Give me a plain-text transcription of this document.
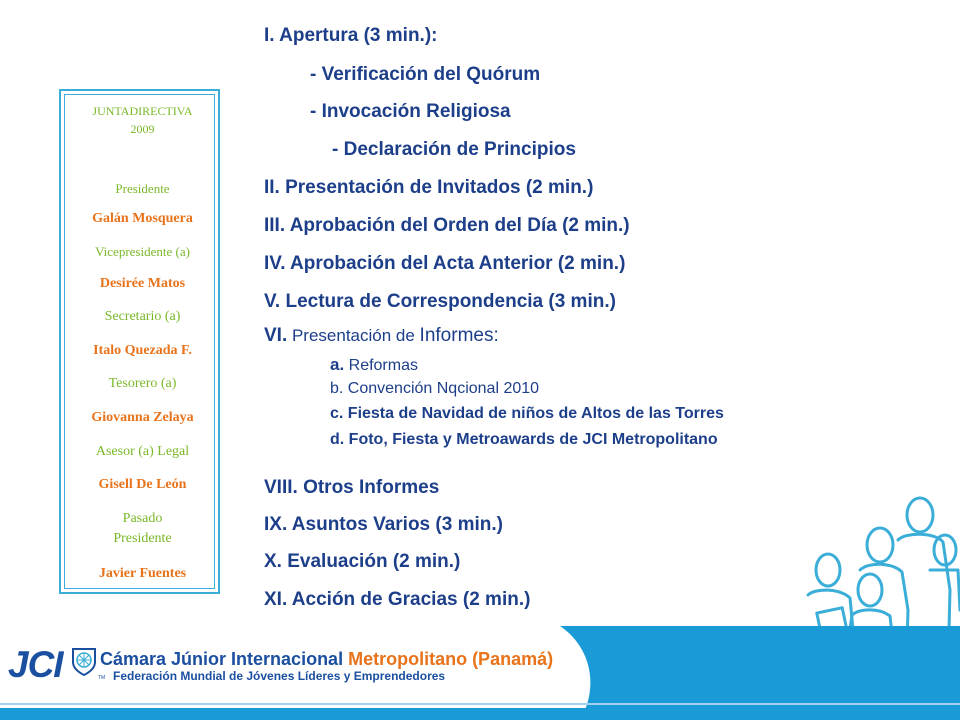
JUNTADIRECTIVA
2009
Presidente
Galán Mosquera
Vicepresidente (a)
Desirée Matos
Secretario (a)
Italo Quezada F.
Tesorero (a)
Giovanna Zelaya
Asesor (a) Legal
Gisell De León
Pasado
Presidente
Javier Fuentes
I. Apertura (3 min.):
- Verificación del Quórum
- Invocación Religiosa
- Declaración de Principios
II. Presentación de Invitados (2 min.)
III. Aprobación del Orden del Día (2 min.)
IV. Aprobación del Acta Anterior (2 min.)
V. Lectura de Correspondencia (3 min.)
VI. Presentación de Informes:
a. Reformas
b. Convención Nqcional 2010
c. Fiesta de Navidad de niños de Altos de las Torres
d. Foto, Fiesta y Metroawards de JCI Metropolitano
VIII. Otros Informes
IX. Asuntos Varios (3 min.)
X. Evaluación (2 min.)
XI. Acción de Gracias (2 min.)
JCI	TM
Cámara Júnior Internacional Metropolitano (Panamá)
Federación Mundial de Jóvenes Líderes y Emprendedores
